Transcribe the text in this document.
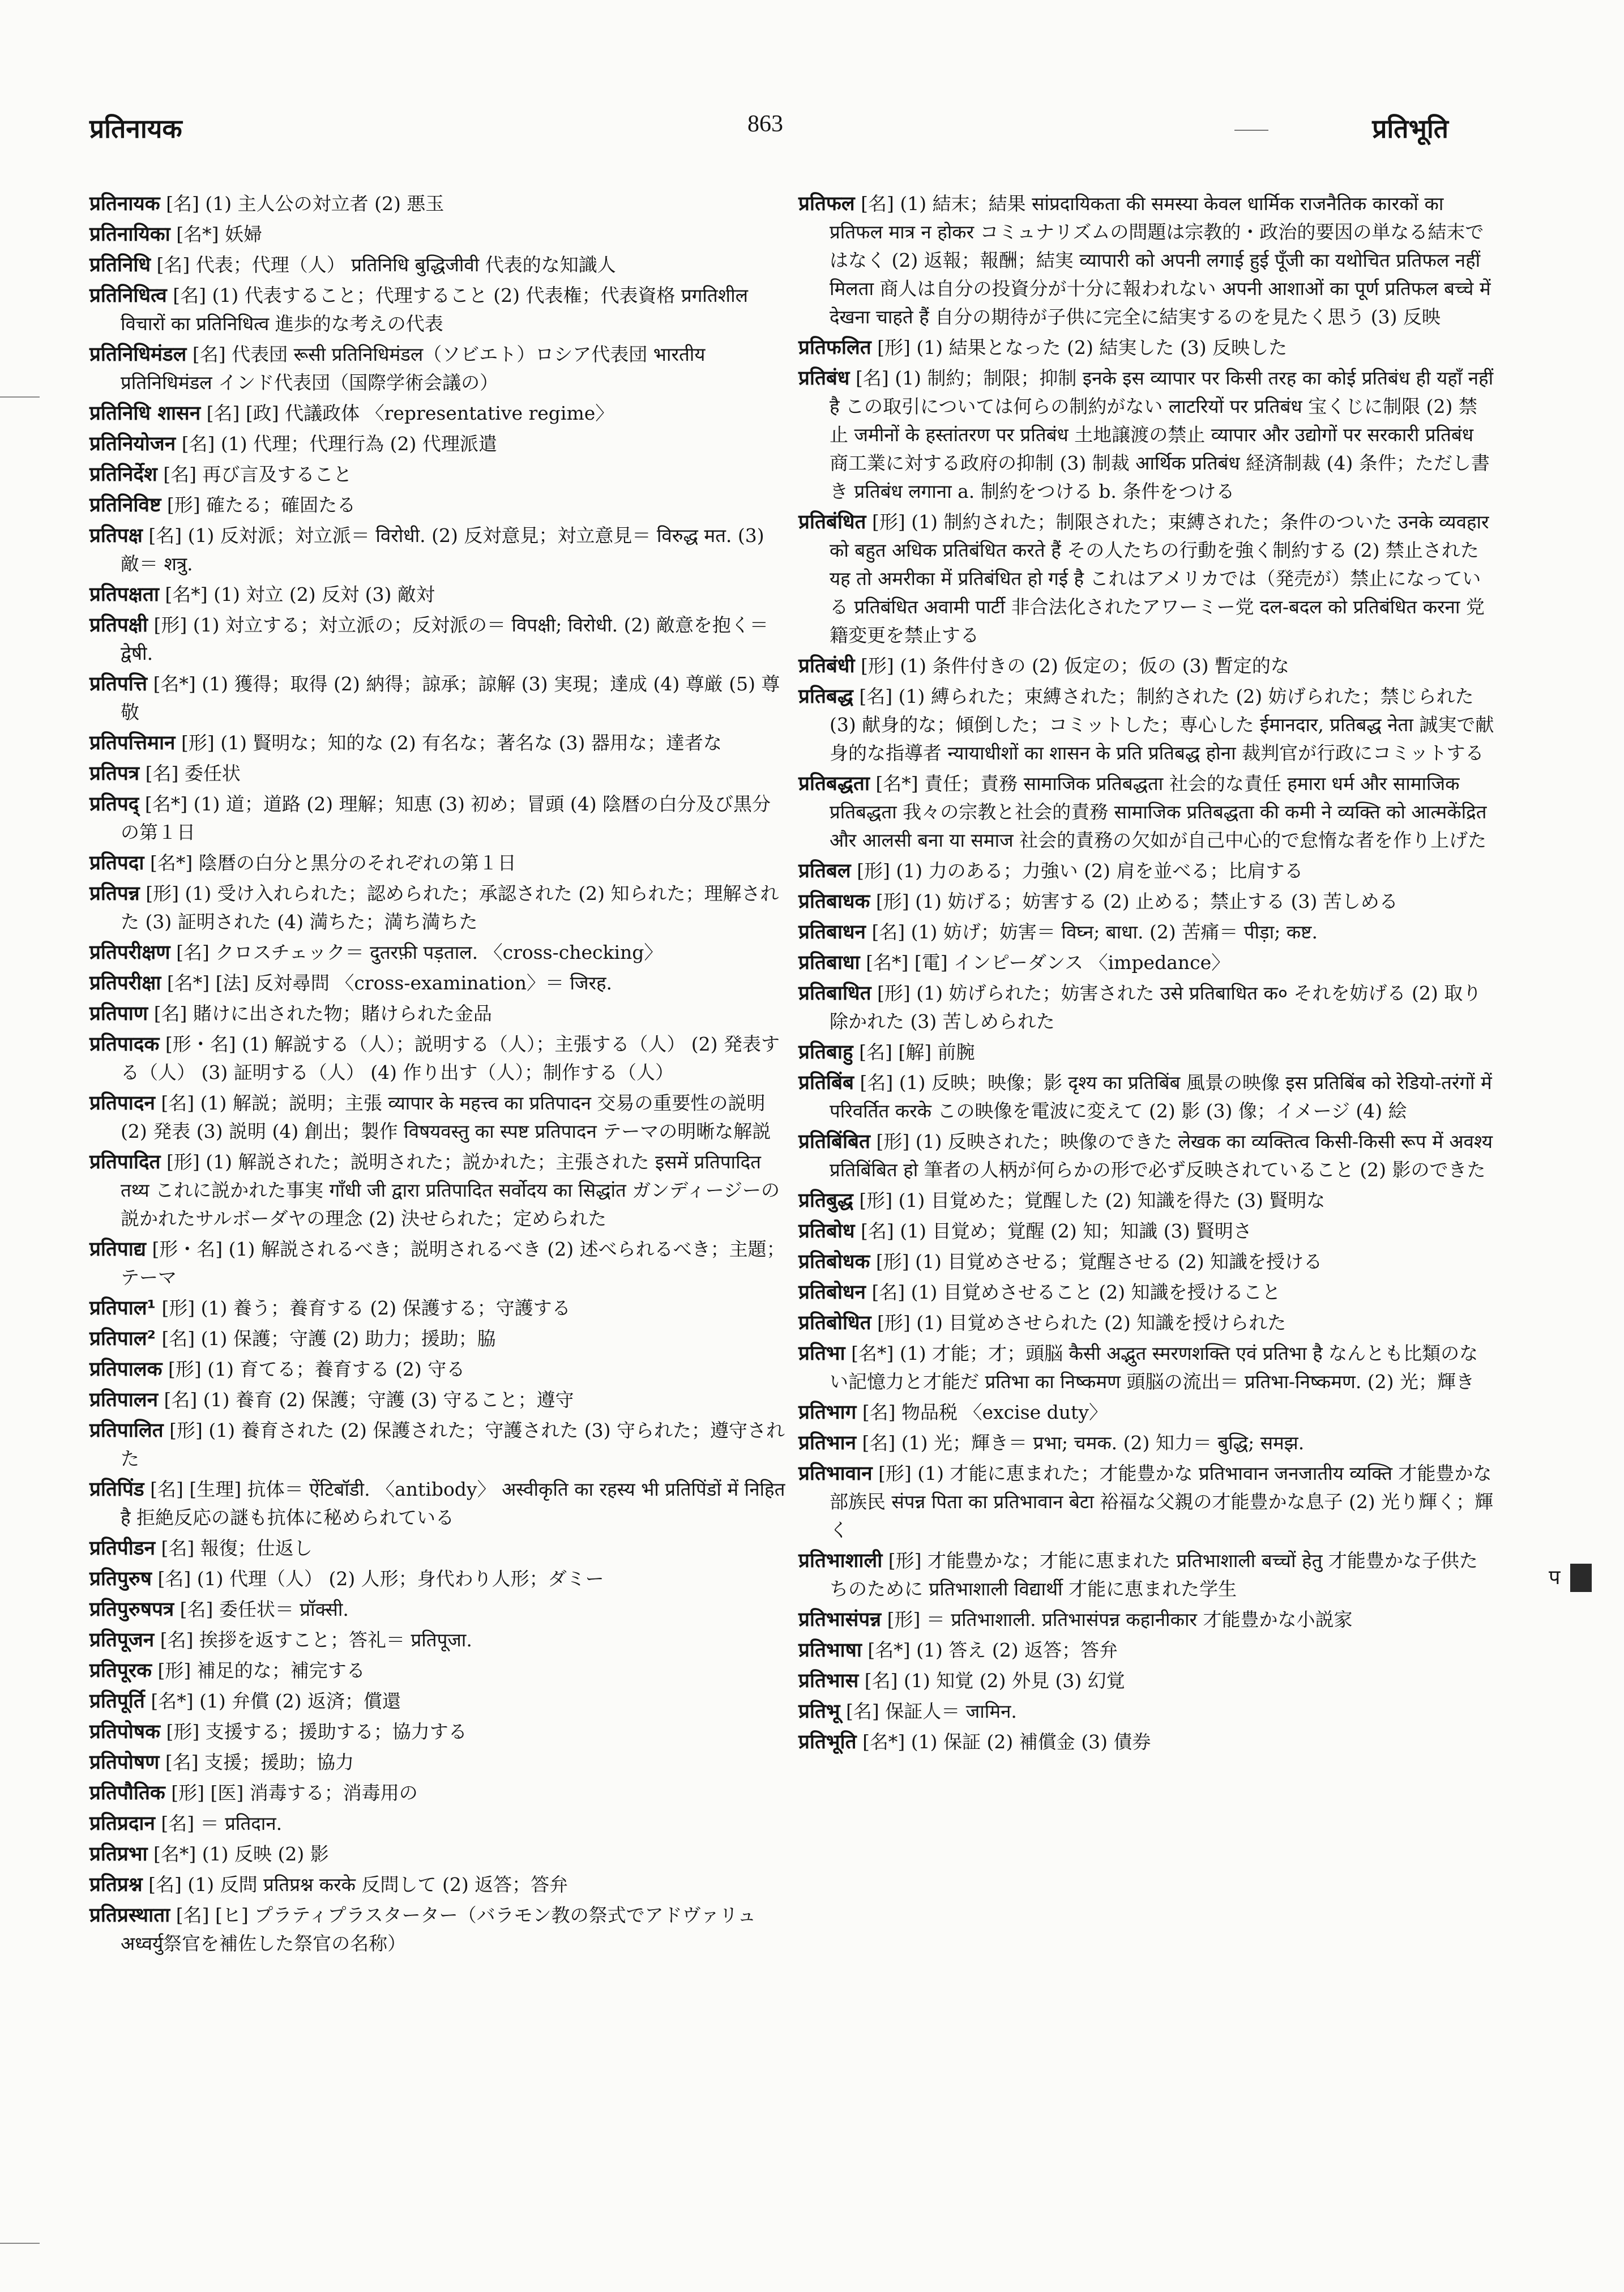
प्रतिनायक	863	प्रतिभूति

प्रतिनायक [名] (1) 主人公の対立者 (2) 悪玉

प्रतिनायिका [名*] 妖婦

प्रतिनिधि [名] 代表；代理（人） प्रतिनिधि बुद्धिजीवी 代表的な知識人

प्रतिनिधित्व [名] (1) 代表すること；代理すること (2) 代表権；代表資格 प्रगतिशील विचारों का प्रतिनिधित्व 進歩的な考えの代表

प्रतिनिधिमंडल [名] 代表団 रूसी प्रतिनिधिमंडल（ソビエト）ロシア代表団 भारतीय प्रतिनिधिमंडल インド代表団（国際学術会議の）

प्रतिनिधि शासन [名] [政] 代議政体 〈representative regime〉

प्रतिनियोजन [名] (1) 代理；代理行為 (2) 代理派遣

प्रतिनिर्देश [名] 再び言及すること

प्रतिनिविष्ट [形] 確たる；確固たる

प्रतिपक्ष [名] (1) 反対派；対立派＝ विरोधी. (2) 反対意見；対立意見＝ विरुद्ध मत. (3) 敵＝ शत्रु.

प्रतिपक्षता [名*] (1) 対立 (2) 反対 (3) 敵対

प्रतिपक्षी [形] (1) 対立する；対立派の；反対派の＝ विपक्षी; विरोधी. (2) 敵意を抱く＝ द्वेषी.

प्रतिपत्ति [名*] (1) 獲得；取得 (2) 納得；諒承；諒解 (3) 実現；達成 (4) 尊厳 (5) 尊敬

प्रतिपत्तिमान [形] (1) 賢明な；知的な (2) 有名な；著名な (3) 器用な；達者な

प्रतिपत्र [名] 委任状

प्रतिपद् [名*] (1) 道；道路 (2) 理解；知恵 (3) 初め；冒頭 (4) 陰暦の白分及び黒分の第１日

प्रतिपदा [名*] 陰暦の白分と黒分のそれぞれの第１日

प्रतिपन्न [形] (1) 受け入れられた；認められた；承認された (2) 知られた；理解された (3) 証明された (4) 満ちた；満ち満ちた

प्रतिपरीक्षण [名] クロスチェック＝ दुतरफ़ी पड़ताल. 〈cross-checking〉

प्रतिपरीक्षा [名*] [法] 反対尋問 〈cross-examination〉＝ जिरह.

प्रतिपाण [名] 賭けに出された物；賭けられた金品

प्रतिपादक [形・名] (1) 解説する（人）；説明する（人）；主張する（人） (2) 発表する（人） (3) 証明する（人） (4) 作り出す（人）；制作する（人）

प्रतिपादन [名] (1) 解説；説明；主張 व्यापार के महत्त्व का प्रतिपादन 交易の重要性の説明 (2) 発表 (3) 説明 (4) 創出；製作 विषयवस्तु का स्पष्ट प्रतिपादन テーマの明晰な解説

प्रतिपादित [形] (1) 解説された；説明された；説かれた；主張された इसमें प्रतिपादित तथ्य これに説かれた事実 गाँधी जी द्वारा प्रतिपादित सर्वोदय का सिद्धांत ガンディージーの説かれたサルボーダヤの理念 (2) 決せられた；定められた

प्रतिपाद्य [形・名] (1) 解説されるべき；説明されるべき (2) 述べられるべき；主題；テーマ

प्रतिपाल¹ [形] (1) 養う；養育する (2) 保護する；守護する

प्रतिपाल² [名] (1) 保護；守護 (2) 助力；援助；脇

प्रतिपालक [形] (1) 育てる；養育する (2) 守る

प्रतिपालन [名] (1) 養育 (2) 保護；守護 (3) 守ること；遵守

प्रतिपालित [形] (1) 養育された (2) 保護された；守護された (3) 守られた；遵守された

प्रतिपिंड [名] [生理] 抗体＝ ऐंटिबॉडी. 〈antibody〉 अस्वीकृति का रहस्य भी प्रतिपिंडों में निहित है 拒絶反応の謎も抗体に秘められている

प्रतिपीडन [名] 報復；仕返し

प्रतिपुरुष [名] (1) 代理（人） (2) 人形；身代わり人形；ダミー

प्रतिपुरुषपत्र [名] 委任状＝ प्रॉक्सी.

प्रतिपूजन [名] 挨拶を返すこと；答礼＝ प्रतिपूजा.

प्रतिपूरक [形] 補足的な；補完する

प्रतिपूर्ति [名*] (1) 弁償 (2) 返済；償還

प्रतिपोषक [形] 支援する；援助する；協力する

प्रतिपोषण [名] 支援；援助；協力

प्रतिपौतिक [形] [医] 消毒する；消毒用の

प्रतिप्रदान [名] ＝ प्रतिदान.

प्रतिप्रभा [名*] (1) 反映 (2) 影

प्रतिप्रश्न [名] (1) 反問 प्रतिप्रश्न करके 反問して (2) 返答；答弁

प्रतिप्रस्थाता [名] [ヒ] プラティプラスターター（バラモン教の祭式でアドヴァリュ अध्वर्यु祭官を補佐した祭官の名称）

प्रतिफल [名] (1) 結末；結果 सांप्रदायिकता की समस्या केवल धार्मिक राजनैतिक कारकों का प्रतिफल मात्र न होकर コミュナリズムの問題は宗教的・政治的要因の単なる結末ではなく (2) 返報；報酬；結実 व्यापारी को अपनी लगाई हुई पूँजी का यथोचित प्रतिफल नहीं मिलता 商人は自分の投資分が十分に報われない अपनी आशाओं का पूर्ण प्रतिफल बच्चे में देखना चाहते हैं 自分の期待が子供に完全に結実するのを見たく思う (3) 反映

प्रतिफलित [形] (1) 結果となった (2) 結実した (3) 反映した

प्रतिबंध [名] (1) 制約；制限；抑制 इनके इस व्यापार पर किसी तरह का कोई प्रतिबंध ही यहाँ नहीं है この取引については何らの制約がない लाटरियों पर प्रतिबंध 宝くじに制限 (2) 禁止 जमीनों के हस्तांतरण पर प्रतिबंध 土地譲渡の禁止 व्यापार और उद्योगों पर सरकारी प्रतिबंध 商工業に対する政府の抑制 (3) 制裁 आर्थिक प्रतिबंध 経済制裁 (4) 条件；ただし書き प्रतिबंध लगाना a. 制約をつける b. 条件をつける

प्रतिबंधित [形] (1) 制約された；制限された；束縛された；条件のついた उनके व्यवहार को बहुत अधिक प्रतिबंधित करते हैं その人たちの行動を強く制約する (2) 禁止された यह तो अमरीका में प्रतिबंधित हो गई है これはアメリカでは（発売が）禁止になっている प्रतिबंधित अवामी पार्टी 非合法化されたアワーミー党 दल-बदल को प्रतिबंधित करना 党籍変更を禁止する

प्रतिबंधी [形] (1) 条件付きの (2) 仮定の；仮の (3) 暫定的な

प्रतिबद्ध [名] (1) 縛られた；束縛された；制約された (2) 妨げられた；禁じられた (3) 献身的な；傾倒した；コミットした；専心した ईमानदार, प्रतिबद्ध नेता 誠実で献身的な指導者 न्यायाधीशों का शासन के प्रति प्रतिबद्ध होना 裁判官が行政にコミットする

प्रतिबद्धता [名*] 責任；責務 सामाजिक प्रतिबद्धता 社会的な責任 हमारा धर्म और सामाजिक प्रतिबद्धता 我々の宗教と社会的責務 सामाजिक प्रतिबद्धता की कमी ने व्यक्ति को आत्मकेंद्रित और आलसी बना या समाज 社会的責務の欠如が自己中心的で怠惰な者を作り上げた

प्रतिबल [形] (1) 力のある；力強い (2) 肩を並べる；比肩する

प्रतिबाधक [形] (1) 妨げる；妨害する (2) 止める；禁止する (3) 苦しめる

प्रतिबाधन [名] (1) 妨げ；妨害＝ विघ्न; बाधा. (2) 苦痛＝ पीड़ा; कष्ट.

प्रतिबाधा [名*] [電] インピーダンス 〈impedance〉

प्रतिबाधित [形] (1) 妨げられた；妨害された उसे प्रतिबाधित क० それを妨げる (2) 取り除かれた (3) 苦しめられた

प्रतिबाहु [名] [解] 前腕

प्रतिबिंब [名] (1) 反映；映像；影 दृश्य का प्रतिबिंब 風景の映像 इस प्रतिबिंब को रेडियो-तरंगों में परिवर्तित करके この映像を電波に変えて (2) 影 (3) 像；イメージ (4) 絵

प्रतिबिंबित [形] (1) 反映された；映像のできた लेखक का व्यक्तित्व किसी-किसी रूप में अवश्य प्रतिबिंबित हो 筆者の人柄が何らかの形で必ず反映されていること (2) 影のできた

प्रतिबुद्ध [形] (1) 目覚めた；覚醒した (2) 知識を得た (3) 賢明な

प्रतिबोध [名] (1) 目覚め；覚醒 (2) 知；知識 (3) 賢明さ

प्रतिबोधक [形] (1) 目覚めさせる；覚醒させる (2) 知識を授ける

प्रतिबोधन [名] (1) 目覚めさせること (2) 知識を授けること

प्रतिबोधित [形] (1) 目覚めさせられた (2) 知識を授けられた

प्रतिभा [名*] (1) 才能；才；頭脳 कैसी अद्भुत स्मरणशक्ति एवं प्रतिभा है なんとも比類のない記憶力と才能だ प्रतिभा का निष्कमण 頭脳の流出＝ प्रतिभा-निष्कमण. (2) 光；輝き

प्रतिभाग [名] 物品税 〈excise duty〉

प्रतिभान [名] (1) 光；輝き＝ प्रभा; चमक. (2) 知力＝ बुद्धि; समझ.

प्रतिभावान [形] (1) 才能に恵まれた；才能豊かな प्रतिभावान जनजातीय व्यक्ति 才能豊かな部族民 संपन्न पिता का प्रतिभावान बेटा 裕福な父親の才能豊かな息子 (2) 光り輝く；輝く

प्रतिभाशाली [形] 才能豊かな；才能に恵まれた प्रतिभाशाली बच्चों हेतु 才能豊かな子供たちのために प्रतिभाशाली विद्यार्थी 才能に恵まれた学生

प्रतिभासंपन्न [形] ＝ प्रतिभाशाली. प्रतिभासंपन्न कहानीकार 才能豊かな小説家

प्रतिभाषा [名*] (1) 答え (2) 返答；答弁

प्रतिभास [名] (1) 知覚 (2) 外見 (3) 幻覚

प्रतिभू [名] 保証人＝ जामिन.

प्रतिभूति [名*] (1) 保証 (2) 補償金 (3) 債券

प
